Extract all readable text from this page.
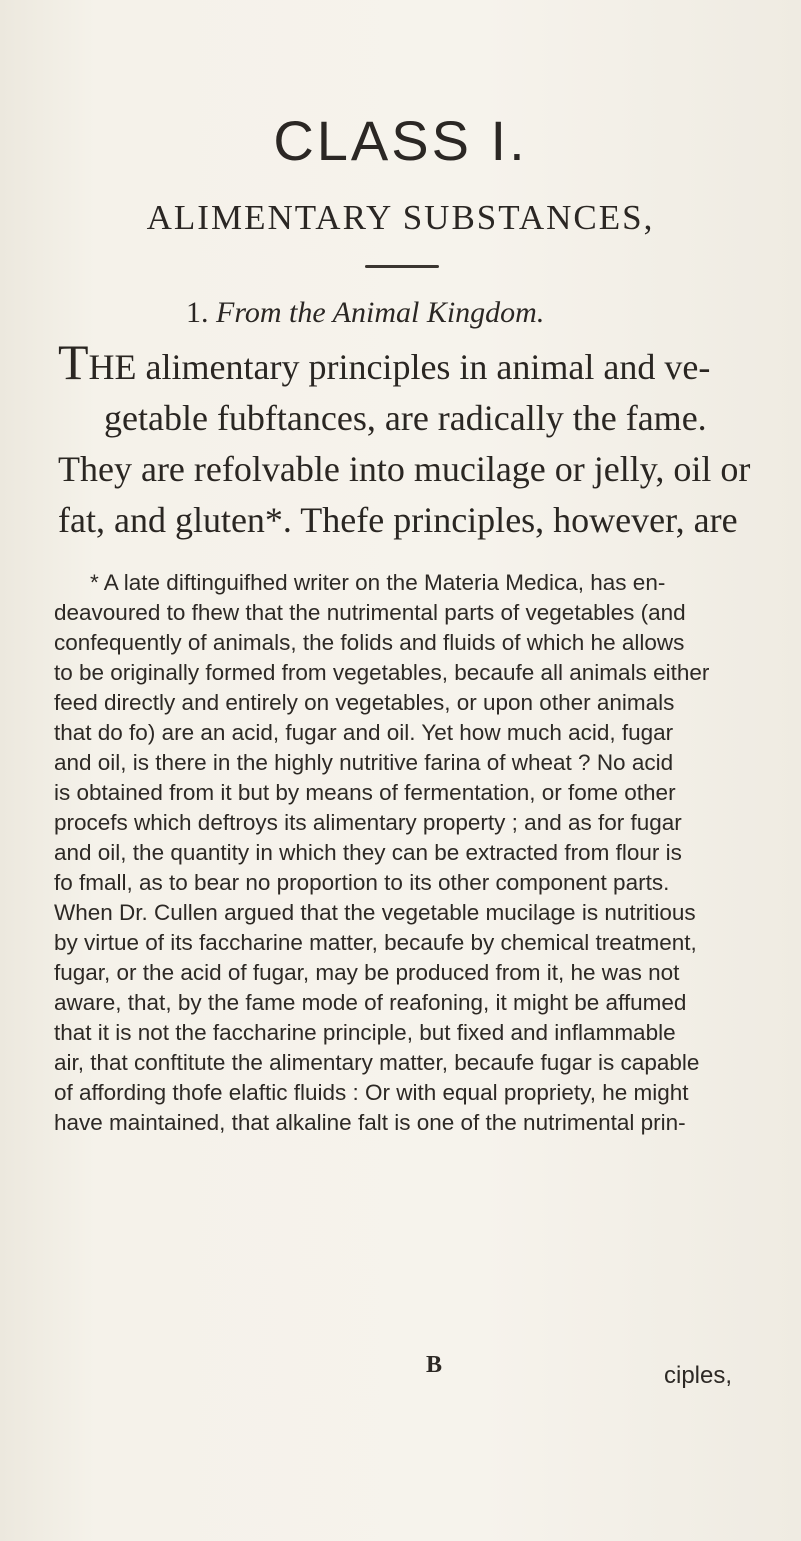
CLASS I.
ALIMENTARY SUBSTANCES,
1. From the Animal Kingdom.
THE alimentary principles in animal and ve-
getable fubftances, are radically the fame.
They are refolvable into mucilage or jelly, oil or
fat, and gluten*. Thefe principles, however, are
* A late diftinguifhed writer on the Materia Medica, has en-
deavoured to fhew that the nutrimental parts of vegetables (and
confequently of animals, the folids and fluids of which he allows
to be originally formed from vegetables, becaufe all animals either
feed directly and entirely on vegetables, or upon other animals
that do fo) are an acid, fugar and oil. Yet how much acid, fugar
and oil, is there in the highly nutritive farina of wheat ? No acid
is obtained from it but by means of fermentation, or fome other
procefs which deftroys its alimentary property ; and as for fugar
and oil, the quantity in which they can be extracted from flour is
fo fmall, as to bear no proportion to its other component parts.
When Dr. Cullen argued that the vegetable mucilage is nutritious
by virtue of its faccharine matter, becaufe by chemical treatment,
fugar, or the acid of fugar, may be produced from it, he was not
aware, that, by the fame mode of reafoning, it might be affumed
that it is not the faccharine principle, but fixed and inflammable
air, that conftitute the alimentary matter, becaufe fugar is capable
of affording thofe elaftic fluids : Or with equal propriety, he might
have maintained, that alkaline falt is one of the nutrimental prin-
B	ciples,
